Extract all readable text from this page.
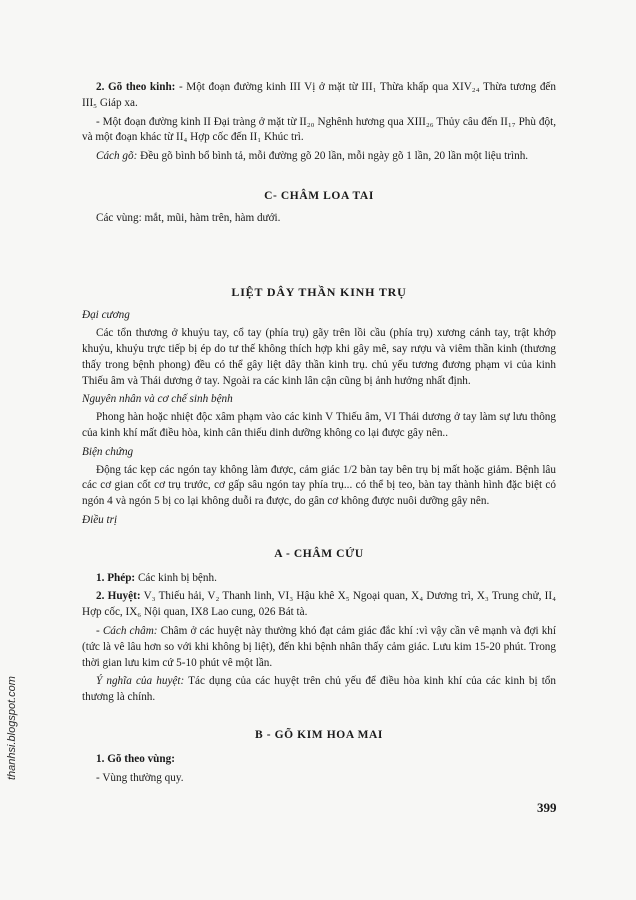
2. Gõ theo kinh: - Một đoạn đường kinh III Vị ở mặt từ III₁ Thừa khấp qua XIV₂₄ Thừa tương đến III₅ Giáp xa.

- Một đoạn đường kinh II Đại tràng ở mặt từ II₂₀ Nghênh hương qua XIII₂₆ Thủy câu đến II₁₇ Phù đột, và một đoạn khác từ II₄ Hợp cốc đến II₁ Khúc trì.

Cách gõ: Đều gõ bình bổ bình tả, mỗi đường gõ 20 lần, mỗi ngày gõ 1 lần, 20 lần một liệu trình.

C- CHÂM LOA TAI

Các vùng: mắt, mũi, hàm trên, hàm dưới.

LIỆT DÂY THẦN KINH TRỤ
Đại cương

Các tổn thương ở khuỷu tay, cổ tay (phía trụ) gãy trên lồi cầu (phía trụ) xương cánh tay, trật khớp khuỷu, khuỷu trực tiếp bị ép do tư thế không thích hợp khi gây mê, say rượu và viêm thần kinh (thương thấy trong bệnh phong) đều có thể gây liệt dây thần kinh trụ. chủ yếu tương đương phạm vi của kinh Thiếu âm và Thái dương ở tay. Ngoài ra các kinh lân cận cũng bị ảnh hưởng nhất định.

Nguyên nhân và cơ chế sinh bệnh

Phong hàn hoặc nhiệt độc xâm phạm vào các kinh V Thiếu âm, VI Thái dương ở tay làm sự lưu thông của kinh khí mất điều hòa, kinh cân thiếu dinh dưỡng không co lại được gây nên..

Biện chứng

Động tác kẹp các ngón tay không làm được, cảm giác 1/2 bàn tay bên trụ bị mất hoặc giảm. Bệnh lâu các cơ gian cốt cơ trụ trước, cơ gấp sâu ngón tay phía trụ... có thể bị teo, bàn tay thành hình đặc biệt có ngón 4 và ngón 5 bị co lại không duỗi ra được, do gân cơ không được nuôi dưỡng gây nên.

Điều trị
A - CHÂM CỨU

1. Phép: Các kinh bị bệnh.

2. Huyệt: V₃ Thiếu hải, V₂ Thanh linh, VI₃ Hậu khê X₅ Ngoại quan, X₄ Dương trì, X₃ Trung chử, II₄ Hợp cốc, IX₆ Nội quan, IX8 Lao cung, 026 Bát tà.

- Cách châm: Châm ở các huyệt này thường khó đạt cảm giác đắc khí :vì vậy cần vê mạnh và đợi khí (tức là vê lâu hơn so với khi không bị liệt), đến khi bệnh nhân thấy cảm giác. Lưu kim 15-20 phút. Trong thời gian lưu kim cứ 5-10 phút vê một lần.

Ý nghĩa của huyệt: Tác dụng của các huyệt trên chủ yếu để điều hòa kinh khí của các kinh bị tổn thương là chính.

B - GÕ KIM HOA MAI

1. Gõ theo vùng:

- Vùng thường quy.

399
thanhsi.blogspot.com
